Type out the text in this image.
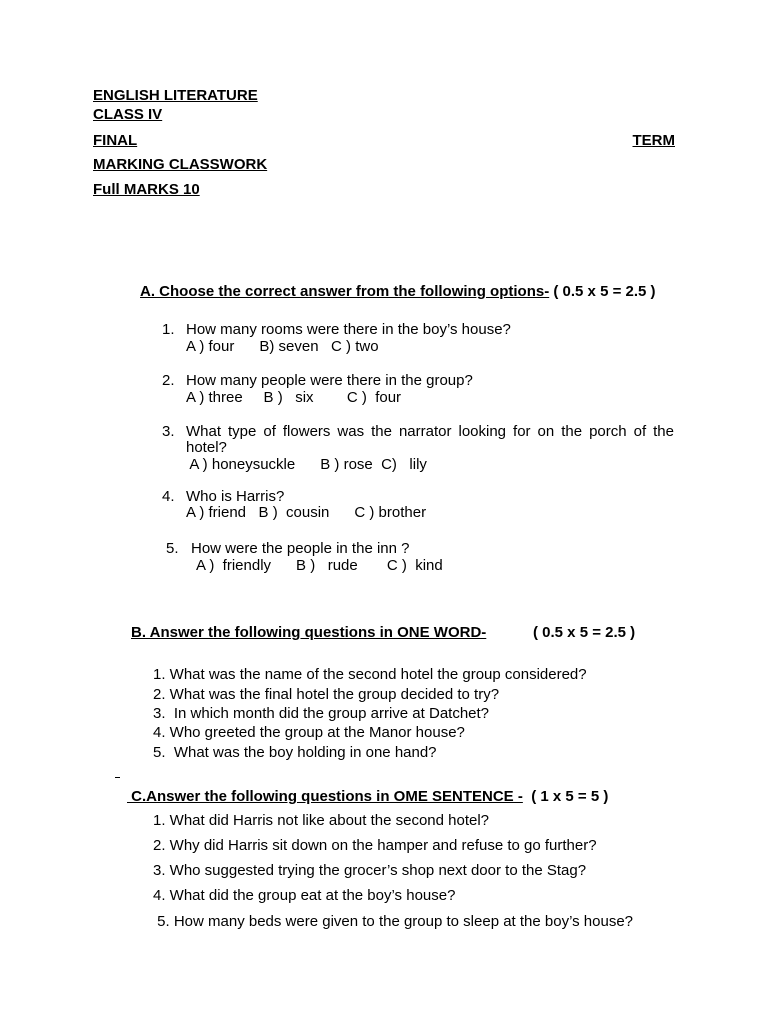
ENGLISH LITERATURE
CLASS IV
FINAL	TERM
MARKING CLASSWORK
Full MARKS 10
A. Choose the correct answer from the following options- ( 0.5 x 5 = 2.5 )
1. How many rooms were there in the boy’s house?
A ) four      B) seven   C ) two
2. How many people were there in the group?
A ) three     B )   six        C )  four
3. What type of flowers was the narrator looking for on the porch of the
hotel?
A ) honeysuckle      B ) rose  C)   lily
4. Who is Harris?
A ) friend   B )  cousin      C ) brother
5. How were the people in the inn ?
A )  friendly      B )   rude       C )  kind
B. Answer the following questions in ONE WORD-	( 0.5 x 5 = 2.5 )
1. What was the name of the second hotel the group considered?
2. What was the final hotel the group decided to try?
3.  In which month did the group arrive at Datchet?
4. Who greeted the group at the Manor house?
5.  What was the boy holding in one hand?
C.Answer the following questions in OME SENTENCE -  ( 1 x 5 = 5 )
1. What did Harris not like about the second hotel?
2. Why did Harris sit down on the hamper and refuse to go further?
3. Who suggested trying the grocer’s shop next door to the Stag?
4. What did the group eat at the boy’s house?
5. How many beds were given to the group to sleep at the boy’s house?
